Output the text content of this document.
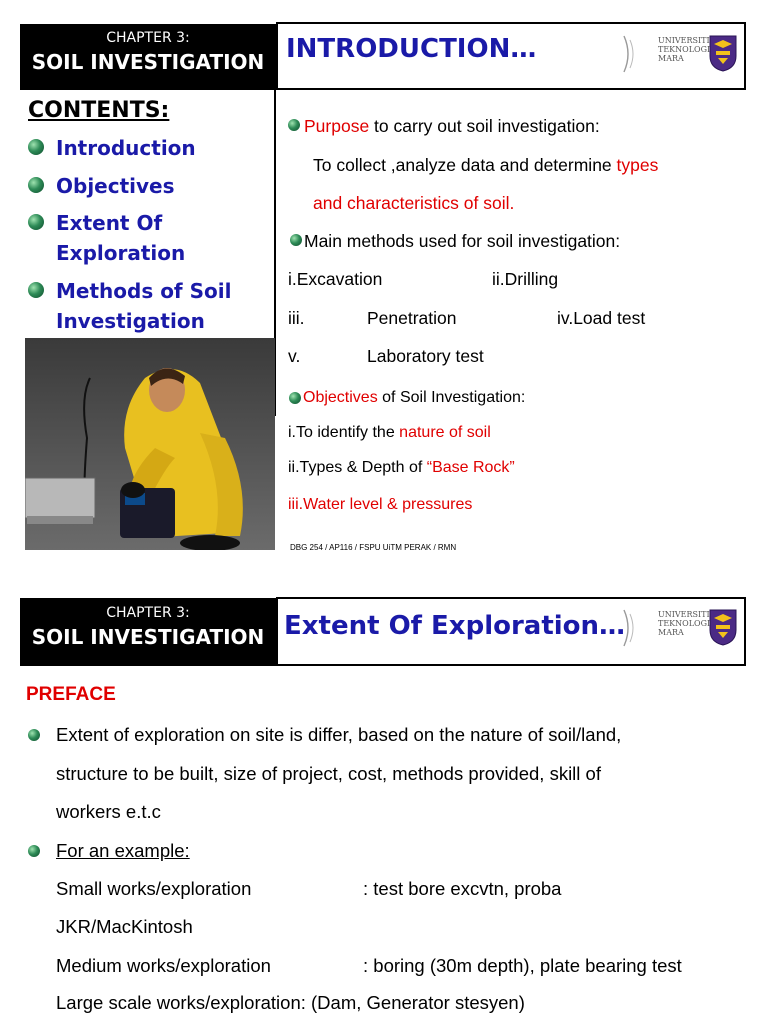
CHAPTER 3:
SOIL INVESTIGATION INTRODUCTION…	UNIVERSITI
TEKNOLOGI
MARA
CONTENTS:
Introduction
Objectives
Extent Of
Exploration
Methods of Soil
Investigation
Purpose to carry out soil investigation:
To collect ,analyze data and determine types
and characteristics of soil.
Main methods used for soil investigation:
i.Excavation	ii.Drilling
iii.	Penetration	iv.Load test
v.	Laboratory test
Objectives of Soil Investigation:
i.To identify the nature of soil
ii.Types & Depth of “Base Rock”
iii.Water level & pressures
DBG 254 / AP116 / FSPU UiTM PERAK / RMN
CHAPTER 3:
SOIL INVESTIGATION Extent Of Exploration…	UNIVERSITI
TEKNOLOGI
MARA
PREFACE
Extent of exploration on site is differ, based on the nature of soil/land,
structure to be built, size of project, cost, methods provided, skill of
workers e.t.c
For an example:
Small works/exploration	: test bore excvtn, proba
JKR/MacKintosh
Medium works/exploration	: boring (30m depth), plate bearing test
Large scale works/exploration: (Dam, Generator stesyen)
